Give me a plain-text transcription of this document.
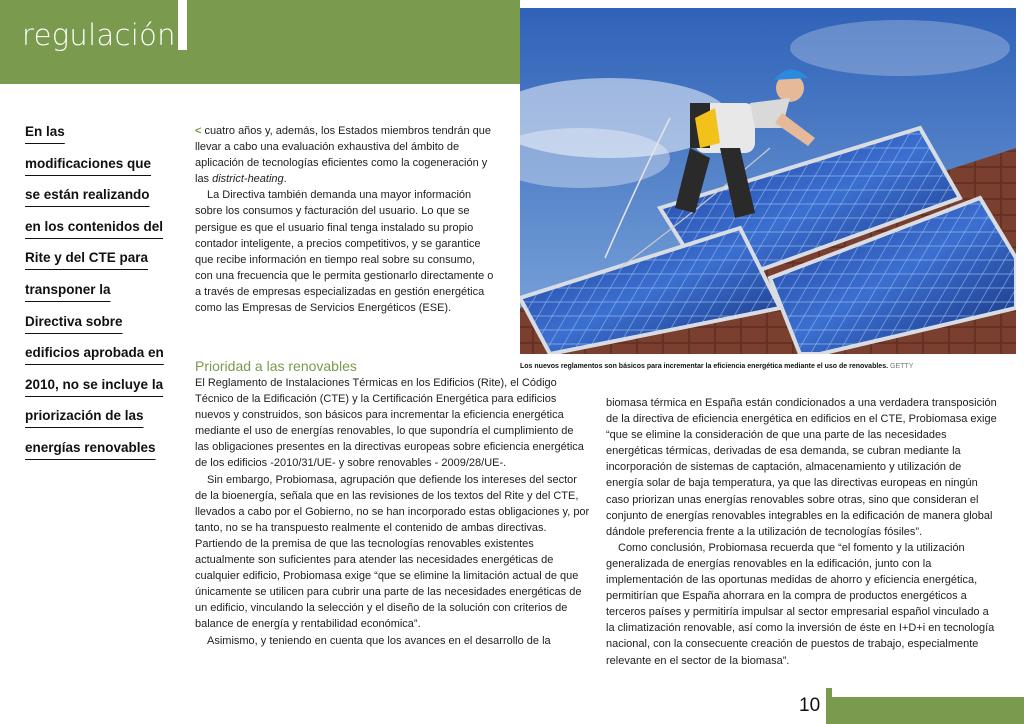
regulación
En las
modificaciones que
se están realizando
en los contenidos del
Rite y del CTE para
transponer la
Directiva sobre
edificios aprobada en
2010, no se incluye la
priorización de las
energías renovables

< cuatro años y, además, los Estados miembros tendrán que llevar a cabo una evaluación exhaustiva del ámbito de aplicación de tecnologías eficientes como la cogeneración y las district-heating.

La Directiva también demanda una mayor información sobre los consumos y facturación del usuario. Lo que se persigue es que el usuario final tenga instalado su propio contador inteligente, a precios competitivos, y se garantice que recibe información en tiempo real sobre su consumo, con una frecuencia que le permita gestionarlo directamente o a través de empresas especializadas en gestión energética como las Empresas de Servicios Energéticos (ESE).

Prioridad a las renovables

El Reglamento de Instalaciones Térmicas en los Edificios (Rite), el Código Técnico de la Edificación (CTE) y la Certificación Energética para edificios nuevos y construidos, son básicos para incrementar la eficiencia energética mediante el uso de energías renovables, lo que supondría el cumplimiento de las obligaciones presentes en la directivas europeas sobre eficiencia energética de los edificios -2010/31/UE- y sobre renovables - 2009/28/UE-.

Sin embargo, Probiomasa, agrupación que defiende los intereses del sector de la bioenergía, señala que en las revisiones de los textos del Rite y del CTE, llevados a cabo por el Gobierno, no se han incorporado estas obligaciones y, por tanto, no se ha transpuesto realmente el contenido de ambas directivas. Partiendo de la premisa de que las tecnologías renovables existentes actualmente son suficientes para atender las necesidades energéticas de cualquier edificio, Probiomasa exige “que se elimine la limitación actual de que únicamente se utilicen para cubrir una parte de las necesidades energéticas de un edificio, vinculando la selección y el diseño de la solución con criterios de balance de energía y rentabilidad económica”.

Asimismo, y teniendo en cuenta que los avances en el desarrollo de la

biomasa térmica en España están condicionados a una verdadera transposición de la directiva de eficiencia energética en edificios en el CTE, Probiomasa exige “que se elimine la consideración de que una parte de las necesidades energéticas térmicas, derivadas de esa demanda, se cubran mediante la incorporación de sistemas de captación, almacenamiento y utilización de energía solar de baja temperatura, ya que las directivas europeas en ningún caso priorizan unas energías renovables sobre otras, sino que consideran el conjunto de energías renovables integrables en la edificación de manera global dándole preferencia frente a la utilización de tecnologías fósiles”.

Como conclusión, Probiomasa recuerda que “el fomento y la utilización generalizada de energías renovables en la edificación, junto con la implementación de las oportunas medidas de ahorro y eficiencia energética, permitirían que España ahorrara en la compra de productos energéticos a terceros países y permitiría impulsar al sector empresarial español vinculado a la climatización renovable, así como la inversión de éste en I+D+i en tecnología nacional, con la consecuente creación de puestos de trabajo, especialmente relevante en el sector de la biomasa”.

Los nuevos reglamentos son básicos para incrementar la eficiencia energética mediante el uso de renovables. GETTY
10
